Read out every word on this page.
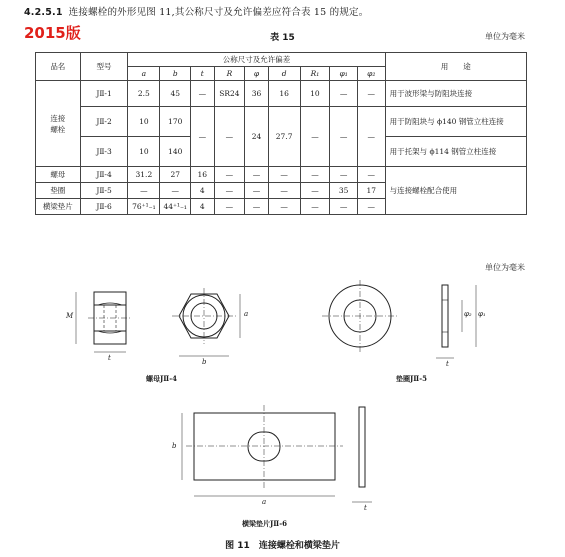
4.2.5.1 连接螺栓的外形见图 11,其公称尺寸及允许偏差应符合表 15 的规定。
2015版	表 15	单位为毫米
品名	型号	公称尺寸及允许偏差									用　　途
		a	b	t	R	φ	d	R₁	φ₁	φ₂	
连接
螺栓	JⅡ-1	2.5	45	—	SR24	36	16	10	—	—	用于波形梁与防阻块连接
	JⅡ-2	10	170	—	—	24	27.7	—	—	—	用于防阻块与 ϕ140 钢管立柱连接
	JⅡ-3	10	140								用于托架与 ϕ114 钢管立柱连接
螺母	JⅡ-4	31.2	27	16	—	—	—	—	—	—	与连接螺栓配合使用
垫圈	JⅡ-5	—	—	4	—	—	—	—	35	17	
横梁垫片	JⅡ-6	76⁺¹₋₁	44⁺¹₋₁	4	—	—	—	—	—	—	
单位为毫米
M
t
a
b
φ₂ φ₁
t
b
a
t
螺母JⅡ-4	垫圈JⅡ-5
横梁垫片JⅡ-6
图 11　连接螺栓和横梁垫片
